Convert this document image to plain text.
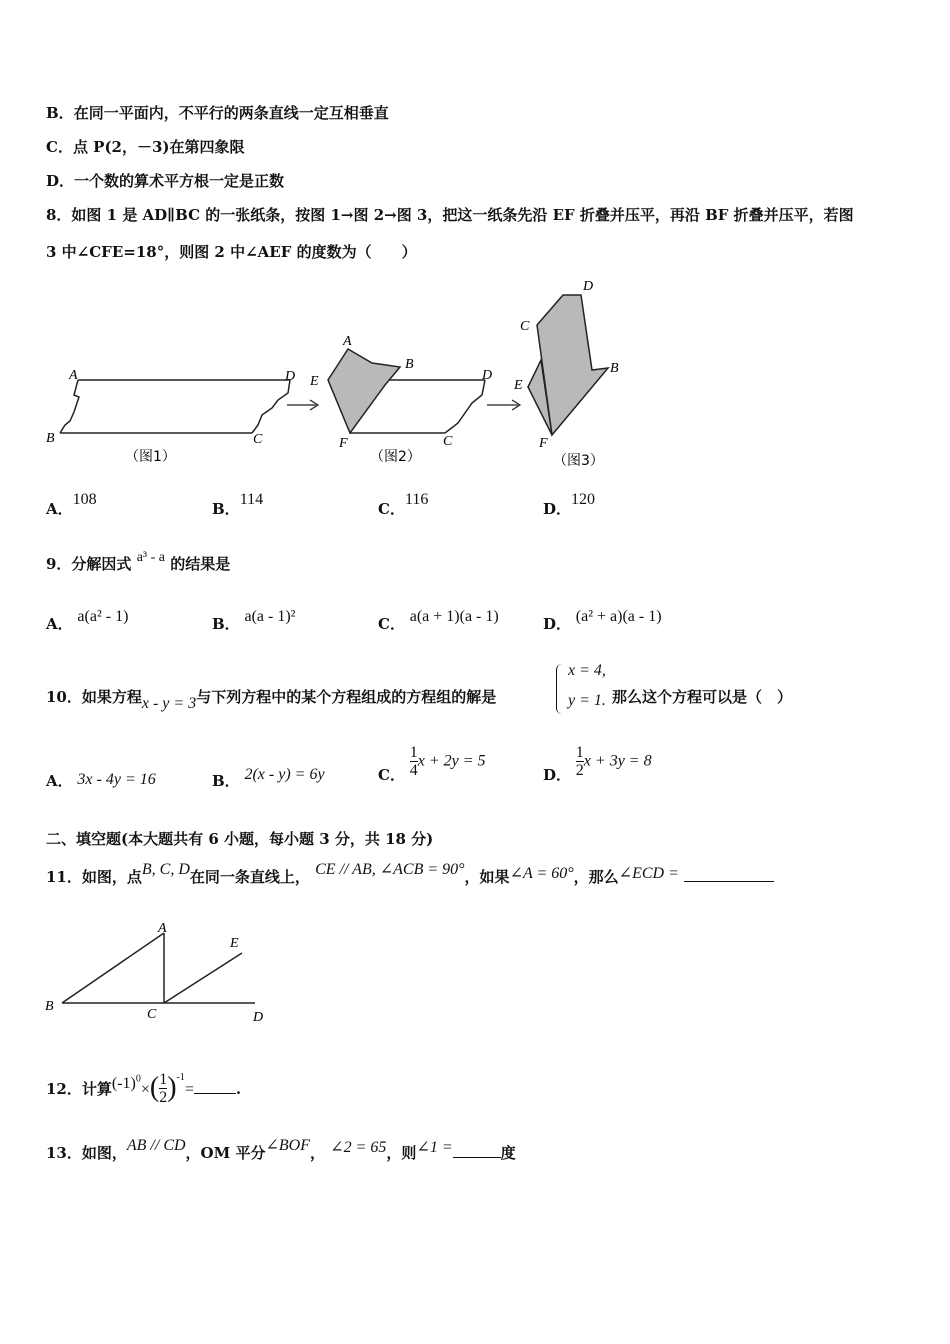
B．在同一平面内，不平行的两条直线一定互相垂直
C．点 P(2，－3)在第四象限
D．一个数的算术平方根一定是正数
8．如图 1 是 AD∥BC 的一张纸条，按图 1→图 2→图 3，把这一纸条先沿 EF 折叠并压平，再沿 BF 折叠并压平，若图
3 中∠CFE=18°，则图 2 中∠AEF 的度数为（　　）
A	D
B	C
（图1）
A
B
E
F
D
C
（图2）
D
C
B
E
F
（图3）
A．108
B．114
C．116
D．120
9．分解因式 a³ - a 的结果是
A． a(a² - 1)	B． a(a - 1)²	C． a(a + 1)(a - 1)	D． (a² + a)(a - 1)
10．如果方程x - y = 3与下列方程中的某个方程组成的方程组的解是
x = 4,
y = 1. 那么这个方程可以是（　）
A． 3x - 4y = 16	B． 2(x - y) = 6y	C． $\frac{1}{4}$ x + 2y = 5
D． $\frac{1}{2}$ x + 3y = 8
二、填空题(本大题共有 6 小题，每小题 3 分，共 18 分)
11．如图，点B, C, D在同一条直线上， CE // AB, ∠ACB = 90°，如果∠A = 60°，那么∠ECD =
A
E
B
C	D
12．计算$(-1)^0\times( \frac{1}{2} )^{-1}=$	.
13．如图，AB // CD，OM 平分∠BOF， ∠2 = 65，则∠1 =	度
